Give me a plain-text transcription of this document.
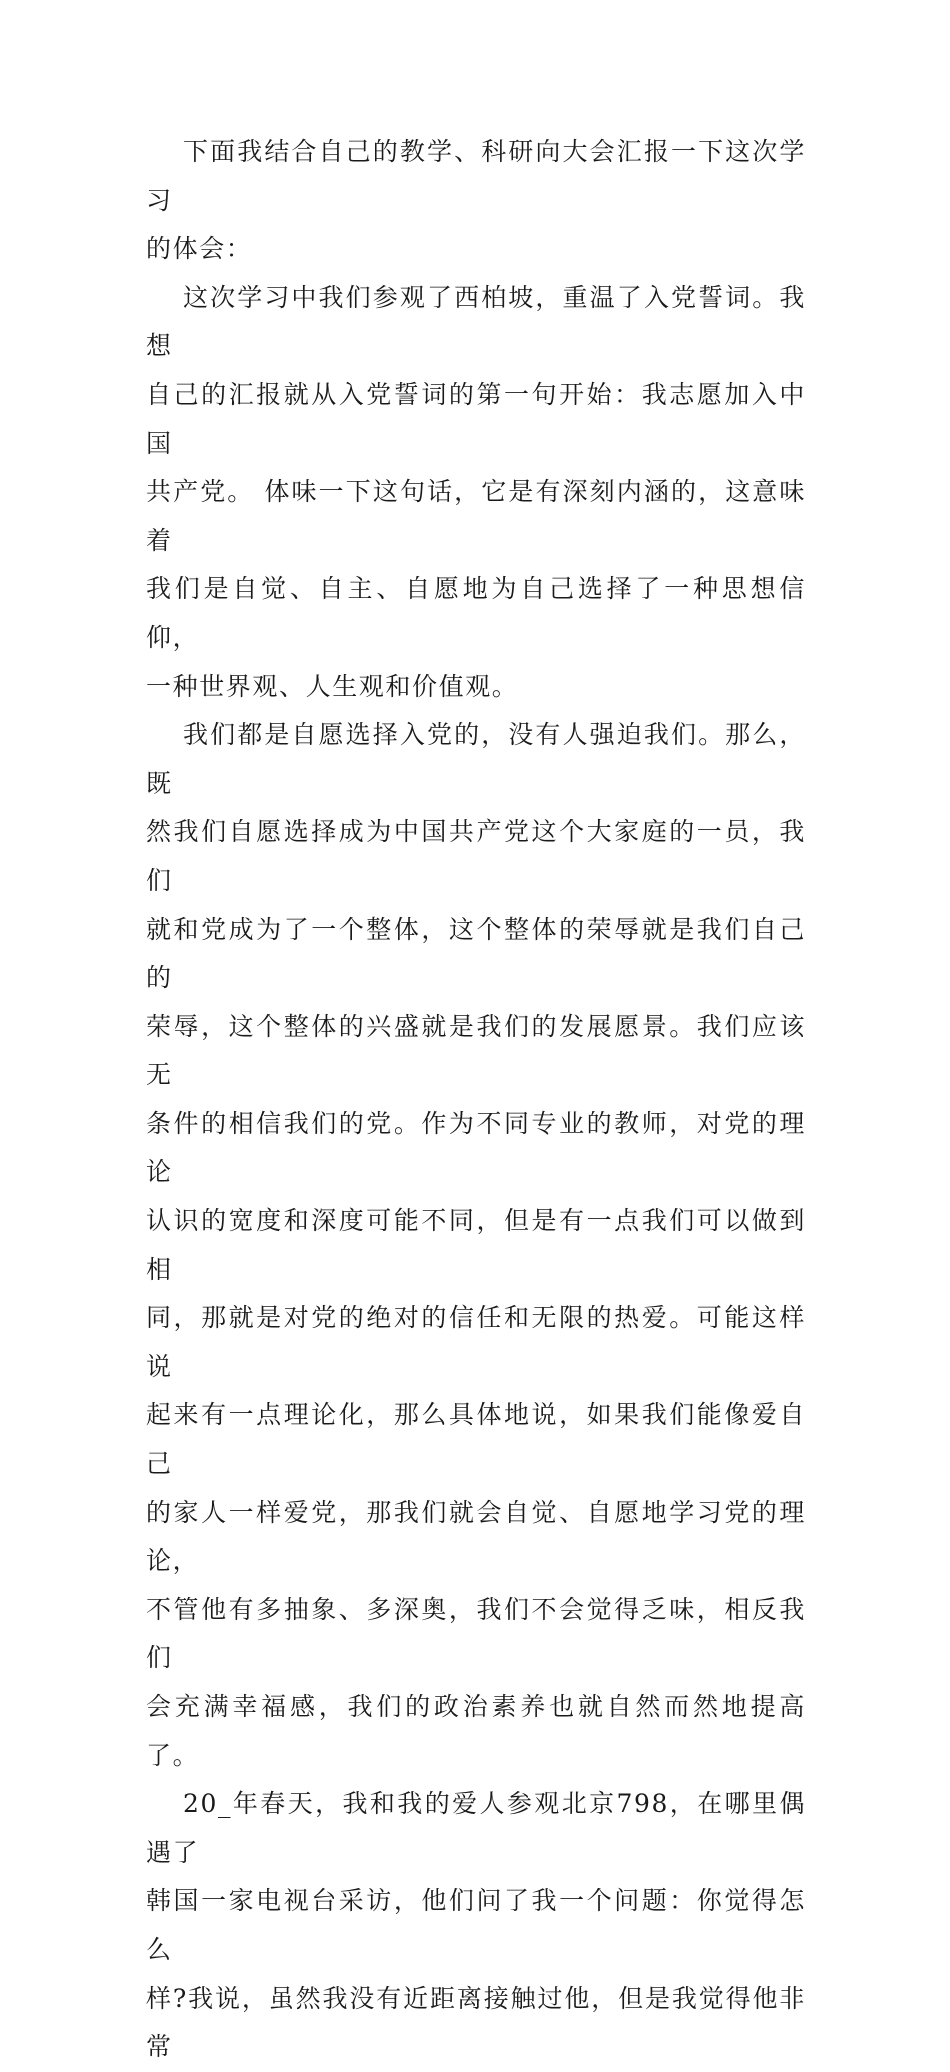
下面我结合自己的教学、科研向大会汇报一下这次学习
的体会：

这次学习中我们参观了西柏坡，重温了入党誓词。我想
自己的汇报就从入党誓词的第一句开始：我志愿加入中国
共产党。 体味一下这句话，它是有深刻内涵的，这意味着
我们是自觉、自主、自愿地为自己选择了一种思想信仰，
一种世界观、人生观和价值观。

我们都是自愿选择入党的，没有人强迫我们。那么，既
然我们自愿选择成为中国共产党这个大家庭的一员，我们
就和党成为了一个整体，这个整体的荣辱就是我们自己的
荣辱，这个整体的兴盛就是我们的发展愿景。我们应该无
条件的相信我们的党。作为不同专业的教师，对党的理论
认识的宽度和深度可能不同，但是有一点我们可以做到相
同，那就是对党的绝对的信任和无限的热爱。可能这样说
起来有一点理论化，那么具体地说，如果我们能像爱自己
的家人一样爱党，那我们就会自觉、自愿地学习党的理论，
不管他有多抽象、多深奥，我们不会觉得乏味，相反我们
会充满幸福感，我们的政治素养也就自然而然地提高了。

20_年春天，我和我的爱人参观北京798，在哪里偶遇了
韩国一家电视台采访，他们问了我一个问题：你觉得怎么
样?我说，虽然我没有近距离接触过他，但是我觉得他非常
